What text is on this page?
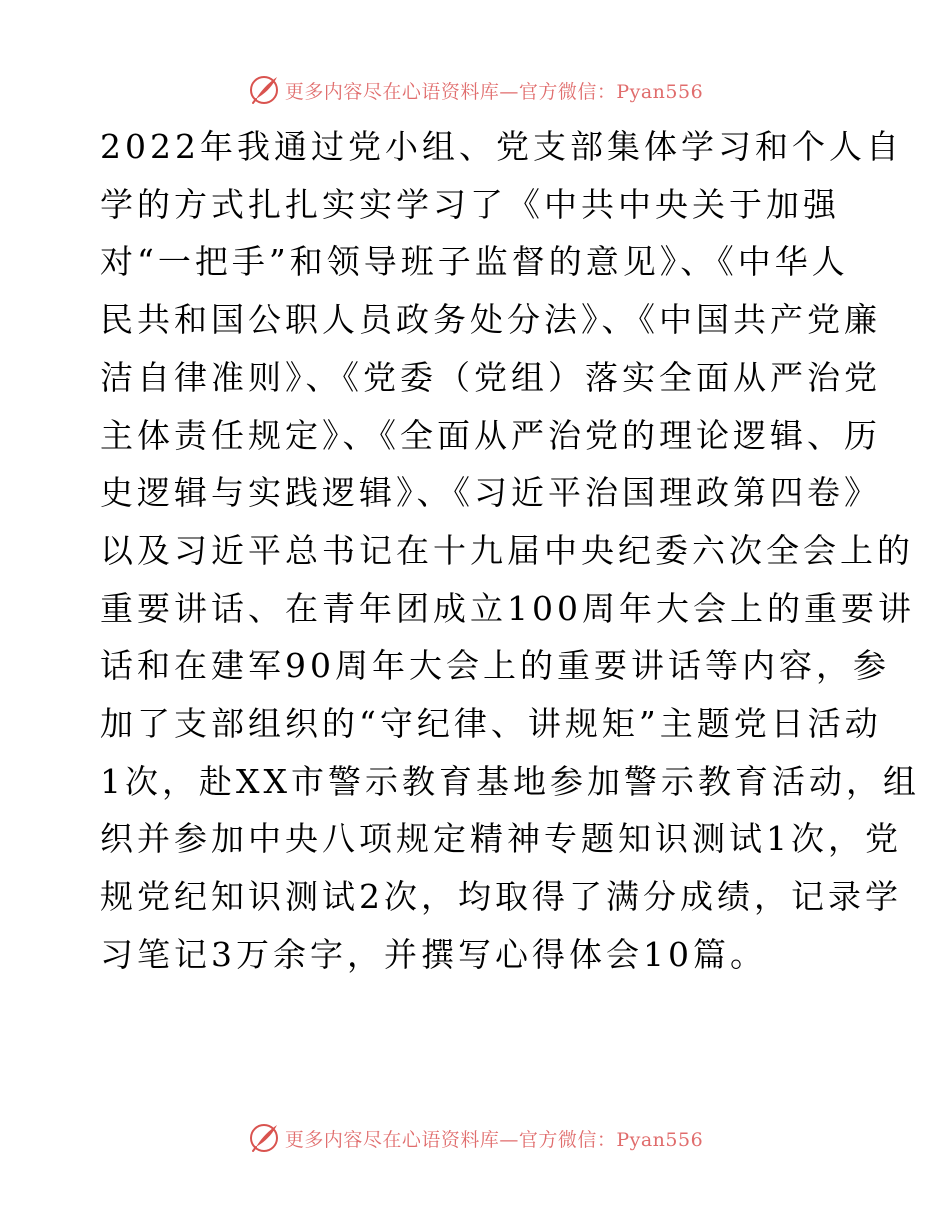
更多内容尽在心语资料库—官方微信：Pyan556
2022年我通过党小组、党支部集体学习和个人自
学的方式扎扎实实学习了《中共中央关于加强
对“一把手”和领导班子监督的意见》、《中华人
民共和国公职人员政务处分法》、《中国共产党廉
洁自律准则》、《党委（党组）落实全面从严治党
主体责任规定》、《全面从严治党的理论逻辑、历
史逻辑与实践逻辑》、《习近平治国理政第四卷》
以及习近平总书记在十九届中央纪委六次全会上的
重要讲话、在青年团成立100周年大会上的重要讲
话和在建军90周年大会上的重要讲话等内容，参
加了支部组织的“守纪律、讲规矩”主题党日活动
1次，赴XX市警示教育基地参加警示教育活动，组
织并参加中央八项规定精神专题知识测试1次，党
规党纪知识测试2次，均取得了满分成绩，记录学
习笔记3万余字，并撰写心得体会10篇。
更多内容尽在心语资料库—官方微信：Pyan556
